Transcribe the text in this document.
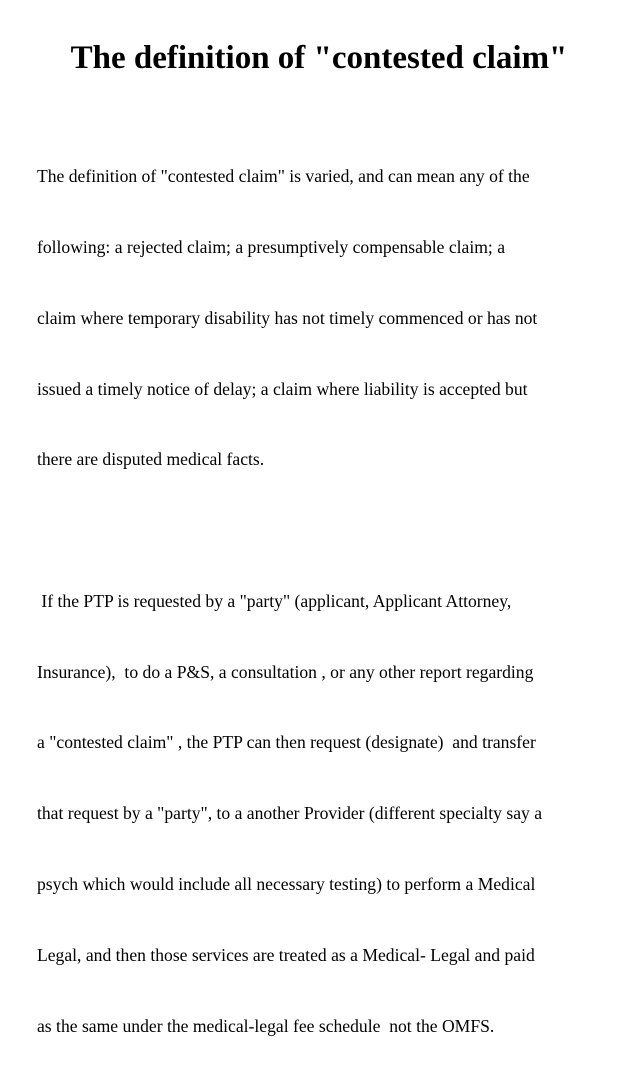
The definition of "contested claim"

The definition of "contested claim" is varied, and can mean any of the

following: a rejected claim; a presumptively compensable claim; a

claim where temporary disability has not timely commenced or has not

issued a timely notice of delay; a claim where liability is accepted but

there are disputed medical facts.

If the PTP is requested by a "party" (applicant, Applicant Attorney,

Insurance),  to do a P&S, a consultation , or any other report regarding

a "contested claim" , the PTP can then request (designate)  and transfer

that request by a "party", to a another Provider (different specialty say a

psych which would include all necessary testing) to perform a Medical

Legal, and then those services are treated as a Medical- Legal and paid

as the same under the medical-legal fee schedule  not the OMFS.
